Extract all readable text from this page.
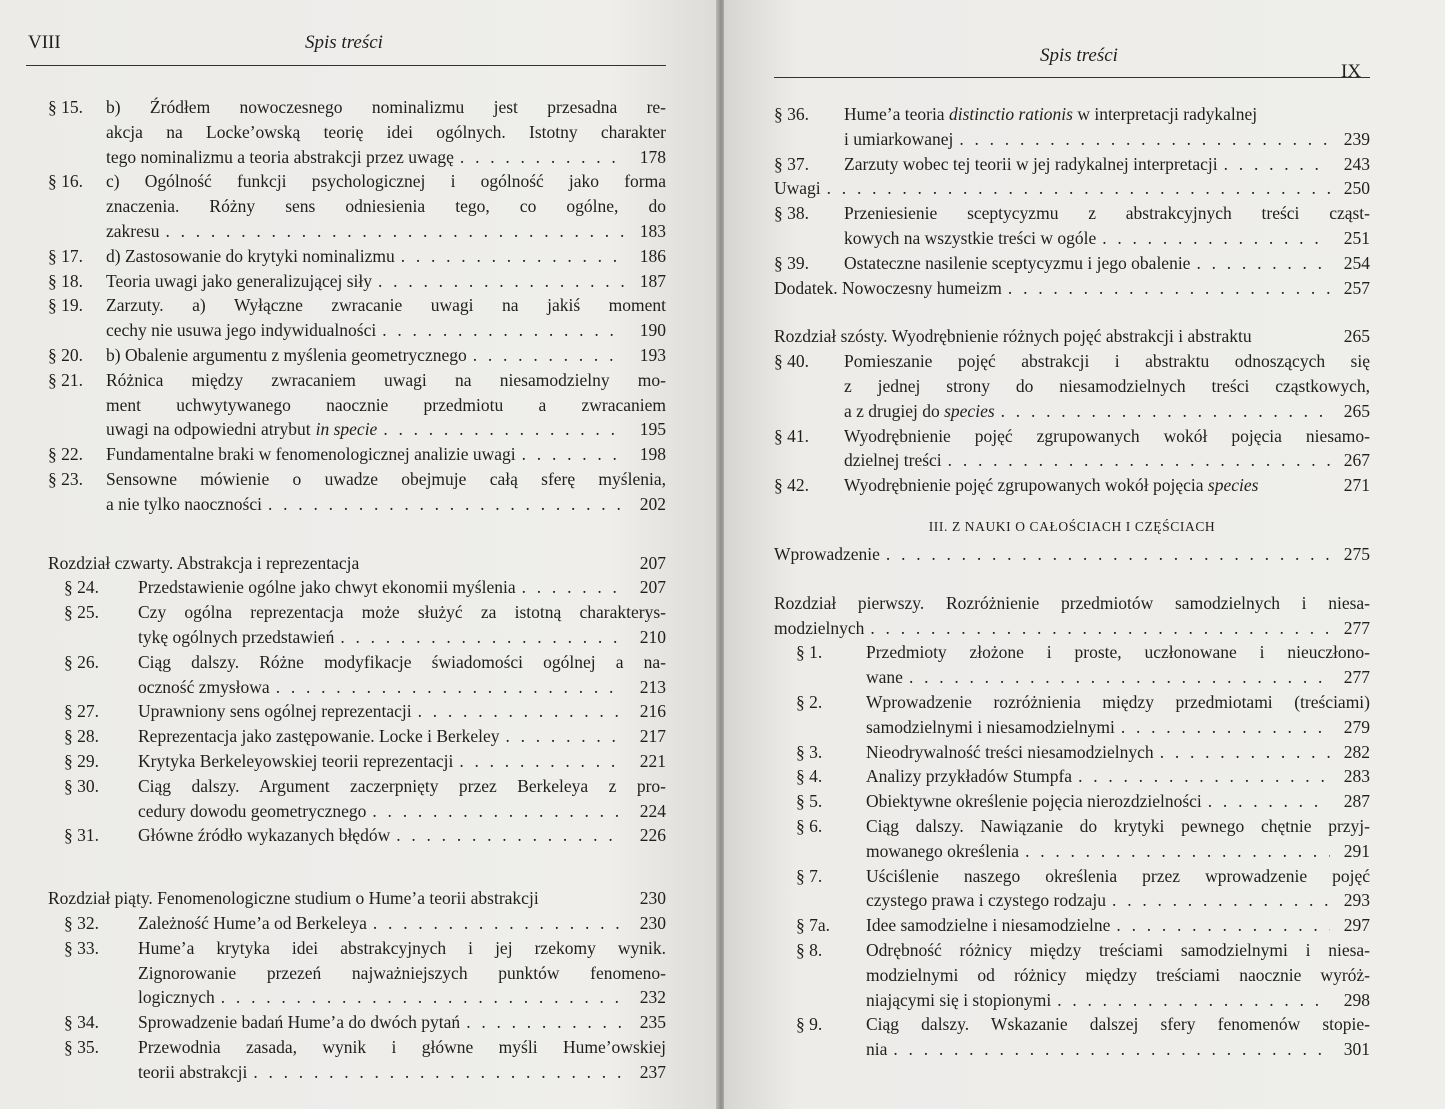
VIII	Spis treści
§ 15.	b) Źródłem nowoczesnego nominalizmu jest przesadna re-
akcja na Locke’owską teorię idei ogólnych. Istotny charakter
tego nominalizmu a teoria abstrakcji przez uwagę . . .	178
§ 16.	c) Ogólność funkcji psychologicznej i ogólność jako forma
znaczenia. Różny sens odniesienia tego, co ogólne, do
zakresu . . .	183
§ 17.	d) Zastosowanie do krytyki nominalizmu . . .	186
§ 18.	Teoria uwagi jako generalizującej siły . . .	187
§ 19.	Zarzuty. a) Wyłączne zwracanie uwagi na jakiś moment
cechy nie usuwa jego indywidualności . . .	190
§ 20.	b) Obalenie argumentu z myślenia geometrycznego . . .	193
§ 21.	Różnica między zwracaniem uwagi na niesamodzielny mo-
ment uchwytywanego naocznie przedmiotu a zwracaniem
uwagi na odpowiedni atrybut in specie . . .	195
§ 22.	Fundamentalne braki w fenomenologicznej analizie uwagi . . .	198
§ 23.	Sensowne mówienie o uwadze obejmuje całą sferę myślenia,
a nie tylko naoczności . . .	202
Rozdział czwarty. Abstrakcja i reprezentacja	207
§ 24.	Przedstawienie ogólne jako chwyt ekonomii myślenia . . .	207
§ 25.	Czy ogólna reprezentacja może służyć za istotną charakterys-
tykę ogólnych przedstawień . . .	210
§ 26.	Ciąg dalszy. Różne modyfikacje świadomości ogólnej a na-
oczność zmysłowa . . .	213
§ 27.	Uprawniony sens ogólnej reprezentacji . . .	216
§ 28.	Reprezentacja jako zastępowanie. Locke i Berkeley . . .	217
§ 29.	Krytyka Berkeleyowskiej teorii reprezentacji . . .	221
§ 30.	Ciąg dalszy. Argument zaczerpnięty przez Berkeleya z pro-
cedury dowodu geometrycznego . . .	224
§ 31.	Główne źródło wykazanych błędów . . .	226
Rozdział piąty. Fenomenologiczne studium o Hume’a teorii abstrakcji	230
§ 32.	Zależność Hume’a od Berkeleya . . .	230
§ 33.	Hume’a krytyka idei abstrakcyjnych i jej rzekomy wynik.
Zignorowanie przezeń najważniejszych punktów fenomeno-
logicznych . . .	232
§ 34.	Sprowadzenie badań Hume’a do dwóch pytań . . .	235
§ 35.	Przewodnia zasada, wynik i główne myśli Hume’owskiej
teorii abstrakcji . . .	237
Spis treści
IX
§ 36.	Hume’a teoria distinctio rationis w interpretacji radykalnej
i umiarkowanej . . .	239
§ 37.	Zarzuty wobec tej teorii w jej radykalnej interpretacji . . .	243
Uwagi . . .	250
§ 38.	Przeniesienie sceptycyzmu z abstrakcyjnych treści cząst-
kowych na wszystkie treści w ogóle . . .	251
§ 39.	Ostateczne nasilenie sceptycyzmu i jego obalenie . . .	254
Dodatek. Nowoczesny humeizm . . .	257
Rozdział szósty. Wyodrębnienie różnych pojęć abstrakcji i abstraktu	265
§ 40.	Pomieszanie pojęć abstrakcji i abstraktu odnoszących się
z jednej strony do niesamodzielnych treści cząstkowych,
a z drugiej do species . . .	265
§ 41.	Wyodrębnienie pojęć zgrupowanych wokół pojęcia niesamo-
dzielnej treści . . .	267
§ 42.	Wyodrębnienie pojęć zgrupowanych wokół pojęcia species	271
III. Z NAUKI O CAŁOŚCIACH I CZĘŚCIACH
Wprowadzenie . . .	275
Rozdział pierwszy. Rozróżnienie przedmiotów samodzielnych i niesa-
modzielnych . . .	277
§ 1.	Przedmioty złożone i proste, uczłonowane i nieuczłono-
wane . . .	277
§ 2.	Wprowadzenie rozróżnienia między przedmiotami (treściami)
samodzielnymi i niesamodzielnymi . . .	279
§ 3.	Nieodrywalność treści niesamodzielnych . . .	282
§ 4.	Analizy przykładów Stumpfa . . .	283
§ 5.	Obiektywne określenie pojęcia nierozdzielności . . .	287
§ 6.	Ciąg dalszy. Nawiązanie do krytyki pewnego chętnie przyj-
mowanego określenia . . .	291
§ 7.	Uściślenie naszego określenia przez wprowadzenie pojęć
czystego prawa i czystego rodzaju . . .	293
§ 7a.	Idee samodzielne i niesamodzielne . . .	297
§ 8.	Odrębność różnicy między treściami samodzielnymi i niesa-
modzielnymi od różnicy między treściami naocznie wyróż-
niającymi się i stopionymi . . .	298
§ 9.	Ciąg dalszy. Wskazanie dalszej sfery fenomenów stopie-
nia . . .	301
